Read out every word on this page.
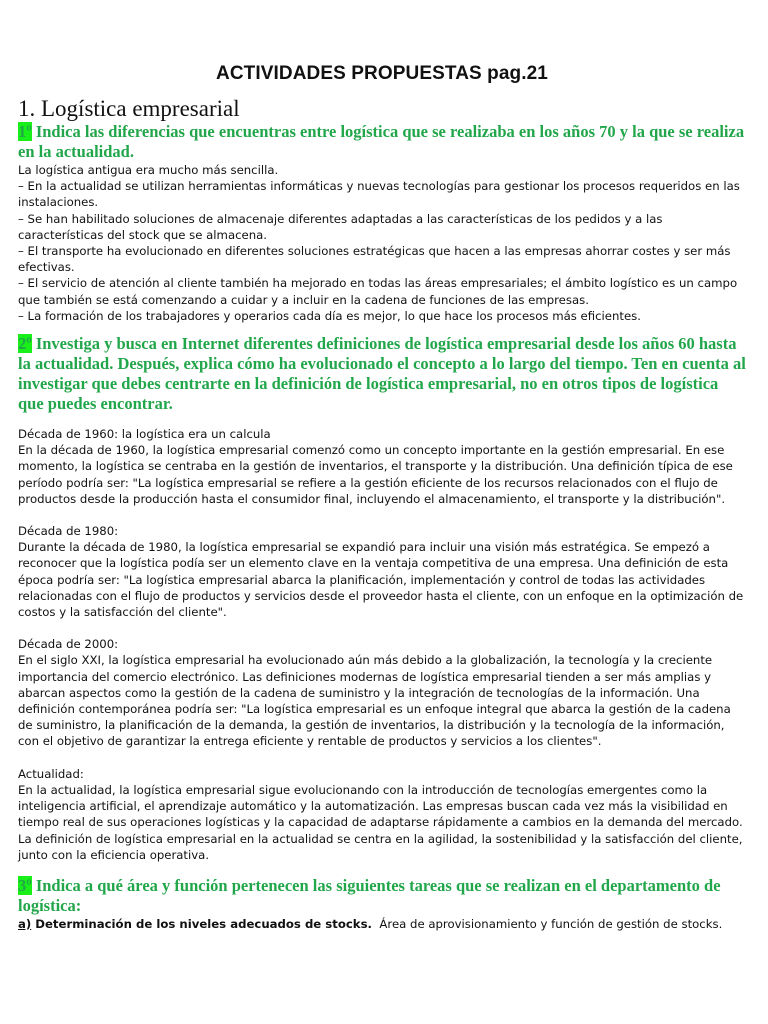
ACTIVIDADES PROPUESTAS pag.21
1. Logística empresarial

1º Indica las diferencias que encuentras entre logística que se realizaba en los años 70 y la que se realiza en la actualidad.

La logística antigua era mucho más sencilla.

– En la actualidad se utilizan herramientas informáticas y nuevas tecnologías para gestionar los procesos requeridos en las instalaciones.

– Se han habilitado soluciones de almacenaje diferentes adaptadas a las características de los pedidos y a las características del stock que se almacena.

– El transporte ha evolucionado en diferentes soluciones estratégicas que hacen a las empresas ahorrar costes y ser más efectivas.

– El servicio de atención al cliente también ha mejorado en todas las áreas empresariales; el ámbito logístico es un campo que también se está comenzando a cuidar y a incluir en la cadena de funciones de las empresas.

– La formación de los trabajadores y operarios cada día es mejor, lo que hace los procesos más eficientes.

2º Investiga y busca en Internet diferentes definiciones de logística empresarial desde los años 60 hasta la actualidad. Después, explica cómo ha evolucionado el concepto a lo largo del tiempo. Ten en cuenta al investigar que debes centrarte en la definición de logística empresarial, no en otros tipos de logística que puedes encontrar.

Década de 1960: la logística era un calcula

En la década de 1960, la logística empresarial comenzó como un concepto importante en la gestión empresarial. En ese momento, la logística se centraba en la gestión de inventarios, el transporte y la distribución. Una definición típica de ese período podría ser: "La logística empresarial se refiere a la gestión eficiente de los recursos relacionados con el flujo de productos desde la producción hasta el consumidor final, incluyendo el almacenamiento, el transporte y la distribución".

Década de 1980:

Durante la década de 1980, la logística empresarial se expandió para incluir una visión más estratégica. Se empezó a reconocer que la logística podía ser un elemento clave en la ventaja competitiva de una empresa. Una definición de esta época podría ser: "La logística empresarial abarca la planificación, implementación y control de todas las actividades relacionadas con el flujo de productos y servicios desde el proveedor hasta el cliente, con un enfoque en la optimización de costos y la satisfacción del cliente".

Década de 2000:

En el siglo XXI, la logística empresarial ha evolucionado aún más debido a la globalización, la tecnología y la creciente importancia del comercio electrónico. Las definiciones modernas de logística empresarial tienden a ser más amplias y abarcan aspectos como la gestión de la cadena de suministro y la integración de tecnologías de la información. Una definición contemporánea podría ser: "La logística empresarial es un enfoque integral que abarca la gestión de la cadena de suministro, la planificación de la demanda, la gestión de inventarios, la distribución y la tecnología de la información, con el objetivo de garantizar la entrega eficiente y rentable de productos y servicios a los clientes".

Actualidad:

En la actualidad, la logística empresarial sigue evolucionando con la introducción de tecnologías emergentes como la inteligencia artificial, el aprendizaje automático y la automatización. Las empresas buscan cada vez más la visibilidad en tiempo real de sus operaciones logísticas y la capacidad de adaptarse rápidamente a cambios en la demanda del mercado. La definición de logística empresarial en la actualidad se centra en la agilidad, la sostenibilidad y la satisfacción del cliente, junto con la eficiencia operativa.

3º Indica a qué área y función pertenecen las siguientes tareas que se realizan en el departamento de logística:

a) Determinación de los niveles adecuados de stocks.  Área de aprovisionamiento y función de gestión de stocks.
